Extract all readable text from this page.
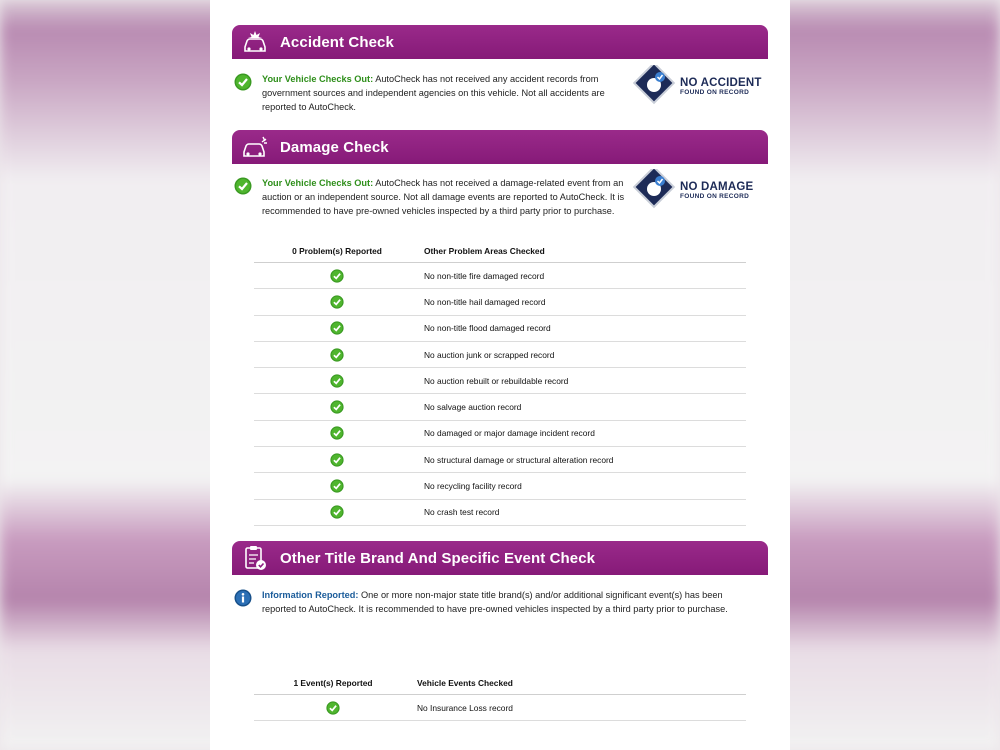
Accident Check
Your Vehicle Checks Out: AutoCheck has not received any accident records from government sources and independent agencies on this vehicle. Not all accidents are reported to AutoCheck.
NO ACCIDENT
FOUND ON RECORD
Damage Check
Your Vehicle Checks Out: AutoCheck has not received a damage-related event from an auction or an independent source. Not all damage events are reported to AutoCheck. It is recommended to have pre-owned vehicles inspected by a third party prior to purchase.
NO DAMAGE
FOUND ON RECORD
0 Problem(s) Reported	Other Problem Areas Checked
No non-title fire damaged record
No non-title hail damaged record
No non-title flood damaged record
No auction junk or scrapped record
No auction rebuilt or rebuildable record
No salvage auction record
No damaged or major damage incident record
No structural damage or structural alteration record
No recycling facility record
No crash test record
Other Title Brand And Specific Event Check
Information Reported: One or more non-major state title brand(s) and/or additional significant event(s) has been reported to AutoCheck. It is recommended to have pre-owned vehicles inspected by a third party prior to purchase.
1 Event(s) Reported	Vehicle Events Checked
No Insurance Loss record
